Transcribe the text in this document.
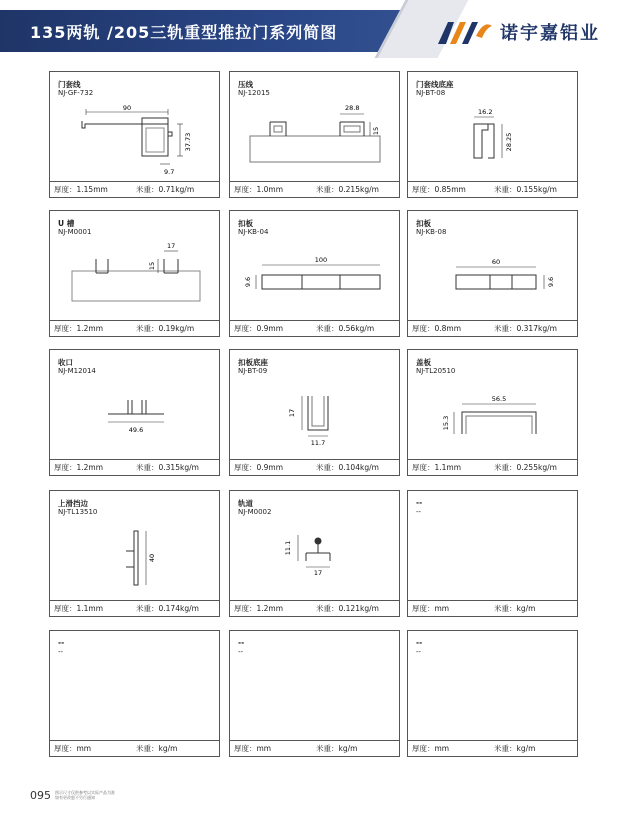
135两轨 /205三轨重型推拉门系列简图	诺宇嘉铝业
90
37.73
9.7
门套线
NJ-GF-732
厚度：1.15mm	米重：0.71kg/m
28.8
15
压线
NJ-12015
厚度：1.0mm	米重：0.215kg/m
16.2
28.25
门套线底座
NJ-BT-08
厚度：0.85mm	米重：0.155kg/m
17
15
U 槽
NJ-M0001
厚度：1.2mm	米重：0.19kg/m
100
9.6
扣板
NJ-KB-04
厚度：0.9mm	米重：0.56kg/m
60
9.6
扣板
NJ-KB-08
厚度：0.8mm	米重：0.317kg/m
49.6
收口
NJ-M12014
厚度：1.2mm	米重：0.315kg/m
17
11.7
扣板底座
NJ-BT-09
厚度：0.9mm	米重：0.104kg/m
56.5
15.3
盖板
NJ-TL20510
厚度：1.1mm	米重：0.255kg/m
40
上滑挡边
NJ-TL13510
厚度：1.1mm	米重：0.174kg/m
11.1
17
轨道
NJ-M0002
厚度：1.2mm	米重：0.121kg/m
--
--
厚度：mm	米重：kg/m
--
--
厚度：mm	米重：kg/m
--
--
厚度：mm	米重：kg/m
--
--
厚度：mm	米重：kg/m
095 图示尺寸仅供参考以实际产品为准
如有更改恕不另行通知
